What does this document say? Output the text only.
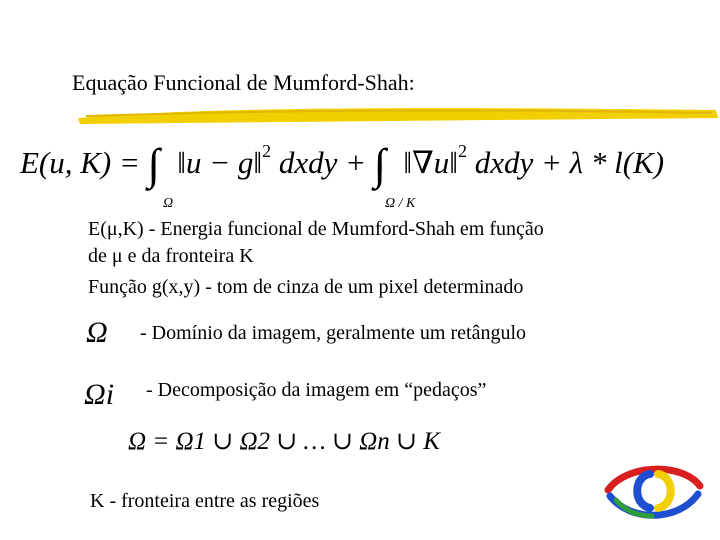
Equação Funcional de Mumford-Shah:
E(u, K) = ∫∫ ‖u − g‖2 dxdy + ∫∫ ‖∇u‖2 dxdy + λ * l(K)
Ω	Ω / K
E(μ,K) - Energia funcional de Mumford-Shah em função
de μ e da fronteira K
Função g(x,y) - tom de cinza de um pixel determinado
Ω - Domínio da imagem, geralmente um retângulo
Ωi - Decomposição da imagem em “pedaços”
Ω = Ω1 ∪ Ω2 ∪ … ∪ Ωn ∪ K
K - fronteira entre as regiões
